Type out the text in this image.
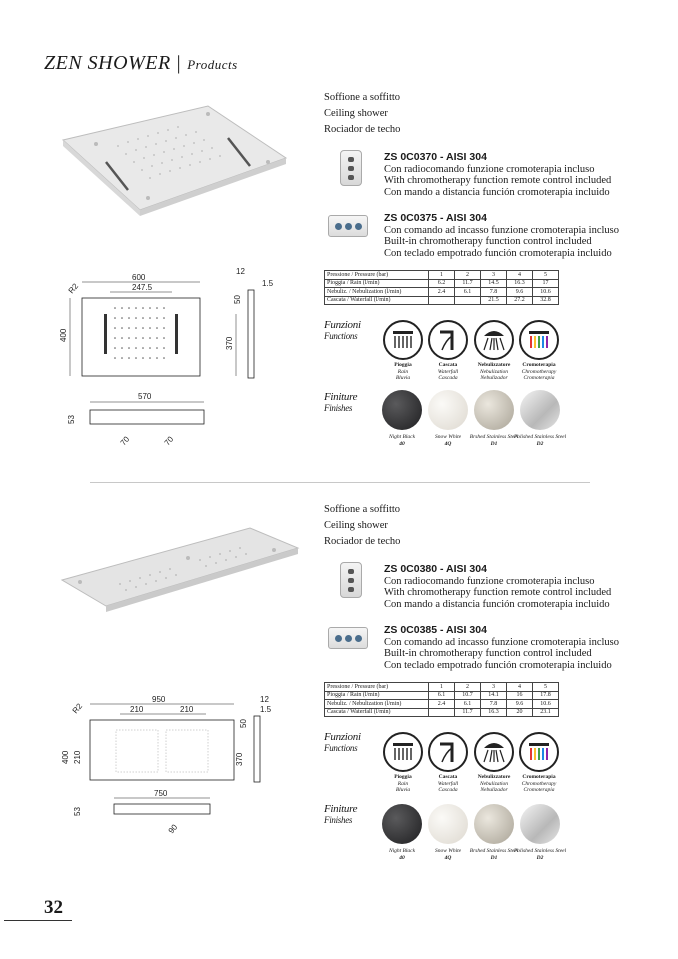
ZEN SHOWER | Products
400
600
247.5
R2
370
50
12
1.5
570
53
70	70
Soffione a soffitto
Ceiling shower
Rociador de techo
ZS 0C0370 - AISI 304
Con radiocomando funzione cromoterapia incluso
With chromotherapy function remote control included
Con mando a distancia función cromoterapia incluido
ZS 0C0375 - AISI 304
Con comando ad incasso funzione cromoterapia incluso
Built-in chromotherapy function control included
Con teclado empotrado función cromoterapia incluido
Pressione / Pressure (bar)	1	2	3	4	5
Pioggia / Rain (l/min)	6.2	11.7	14.5	16.3	17
Nebuliz. / Nebulization (l/min)	2.4	6.1	7.8	9.6	10.6
Cascata / Waterfall (l/min)			21.5	27.2	32.8
Funzioni
Functions
Pioggia
Rain
Bluvia
Cascata
Waterfall
Cascada
Nebulizzatore
Nebulization
Nebulizador
Cromoterapia
Chromotherapy
Cromoterapia
Finiture
Finishes
Night Black
40
Snow White
4Q
Brshed Stainless Steel
D1
Polished Stainless Steel
D2
950
210	210
R2
400 210	370
50
12
1.5
750
53
90
Soffione a soffitto
Ceiling shower
Rociador de techo
ZS 0C0380 - AISI 304
Con radiocomando funzione cromoterapia incluso
With chromotherapy function remote control included
Con mando a distancia función cromoterapia incluido
ZS 0C0385 - AISI 304
Con comando ad incasso funzione cromoterapia incluso
Built-in chromotherapy function control included
Con teclado empotrado función cromoterapia incluido
Pressione / Pressure (bar)	1	2	3	4	5
Pioggia / Rain (l/min)	6.1	10.7	14.1	16	17.8
Nebuliz. / Nebulization (l/min)	2.4	6.1	7.8	9.6	10.6
Cascata / Waterfall (l/min)		11.7	16.3	20	23.1
Funzioni
Functions
Pioggia
Rain
Bluvia
Cascata
Waterfall
Cascada
Nebulizzatore
Nebulization
Nebulizador
Cromoterapia
Chromotherapy
Cromoterapia
Finiture
Finishes
Night Black
40
Snow White
4Q
Brshed Stainless Steel
D1
Polished Stainless Steel
D2
32
